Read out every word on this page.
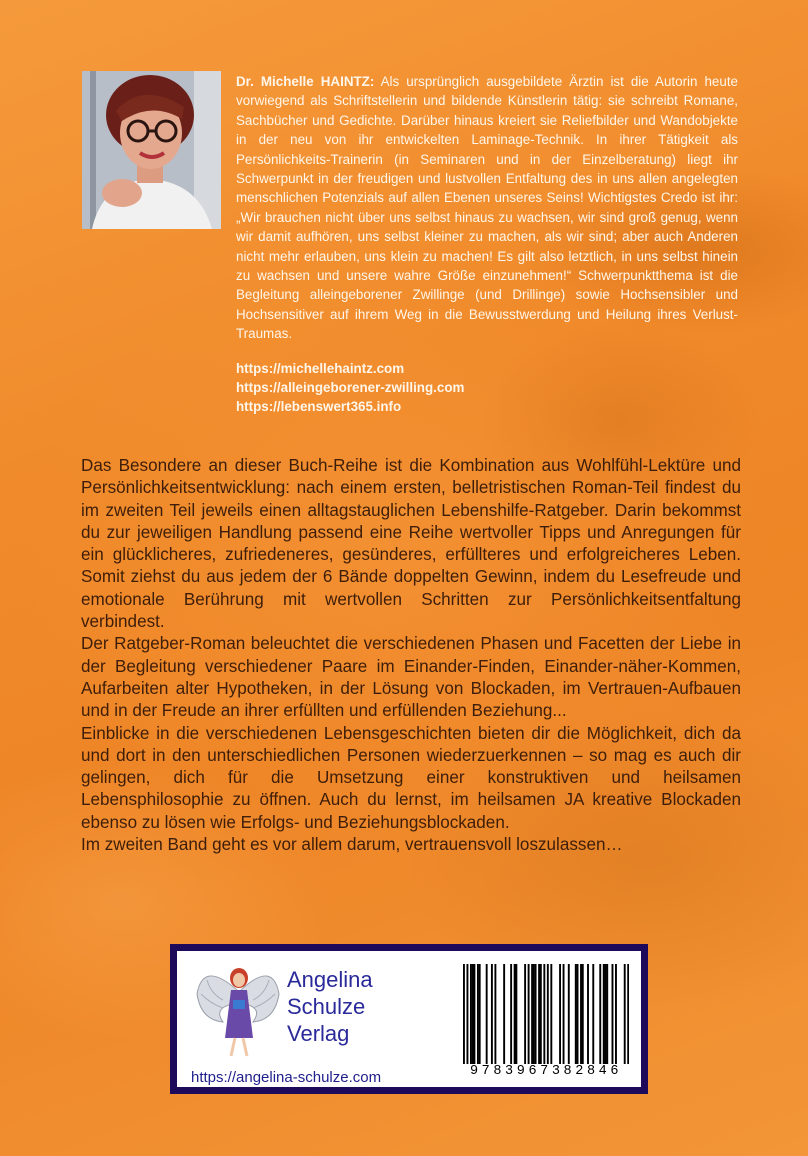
Dr. Michelle HAINTZ: Als ursprünglich ausgebildete Ärztin ist die Autorin heute vorwiegend als Schriftstellerin und bildende Künstlerin tätig: sie schreibt Romane, Sachbücher und Gedichte. Darüber hinaus kreiert sie Reliefbilder und Wandobjekte in der neu von ihr entwickelten Laminage-Technik. In ihrer Tätigkeit als Persönlichkeits-Trainerin (in Seminaren und in der Einzelberatung) liegt ihr Schwerpunkt in der freudigen und lustvollen Entfaltung des in uns allen angelegten menschlichen Potenzials auf allen Ebenen unseres Seins! Wichtigstes Credo ist ihr: „Wir brauchen nicht über uns selbst hinaus zu wachsen, wir sind groß genug, wenn wir damit aufhören, uns selbst kleiner zu machen, als wir sind; aber auch Anderen nicht mehr erlauben, uns klein zu machen! Es gilt also letztlich, in uns selbst hinein zu wachsen und unsere wahre Größe einzunehmen!“ Schwerpunktthema ist die Begleitung alleingeborener Zwillinge (und Drillinge) sowie Hochsensibler und Hochsensitiver auf ihrem Weg in die Bewusstwerdung und Heilung ihres Verlust-Traumas.
https://michellehaintz.com
https://alleingeborener-zwilling.com
https://lebenswert365.info

Das Besondere an dieser Buch-Reihe ist die Kombination aus Wohlfühl-Lektüre und Persönlichkeitsentwicklung: nach einem ersten, belletristischen Roman-Teil findest du im zweiten Teil jeweils einen alltagstauglichen Lebenshilfe-Ratgeber. Darin bekommst du zur jeweiligen Handlung passend eine Reihe wertvoller Tipps und Anregungen für ein glücklicheres, zufriedeneres, gesünderes, erfüllteres und erfolgreicheres Leben. Somit ziehst du aus jedem der 6 Bände doppelten Gewinn, indem du Lesefreude und emotionale Berührung mit wertvollen Schritten zur Persönlichkeitsentfaltung verbindest.

Der Ratgeber-Roman beleuchtet die verschiedenen Phasen und Facetten der Liebe in der Begleitung verschiedener Paare im Einander-Finden, Einander-näher-Kommen, Aufarbeiten alter Hypotheken, in der Lösung von Blockaden, im Vertrauen-Aufbauen und in der Freude an ihrer erfüllten und erfüllenden Beziehung...

Einblicke in die verschiedenen Lebensgeschichten bieten dir die Möglichkeit, dich da und dort in den unterschiedlichen Personen wiederzuerkennen – so mag es auch dir gelingen, dich für die Umsetzung einer konstruktiven und heilsamen Lebensphilosophie zu öffnen. Auch du lernst, im heilsamen JA kreative Blockaden ebenso zu lösen wie Erfolgs- und Beziehungsblockaden.

Im zweiten Band geht es vor allem darum, vertrauensvoll loszulassen…

Angelina
Schulze
Verlag
https://angelina-schulze.com	9783967382846
